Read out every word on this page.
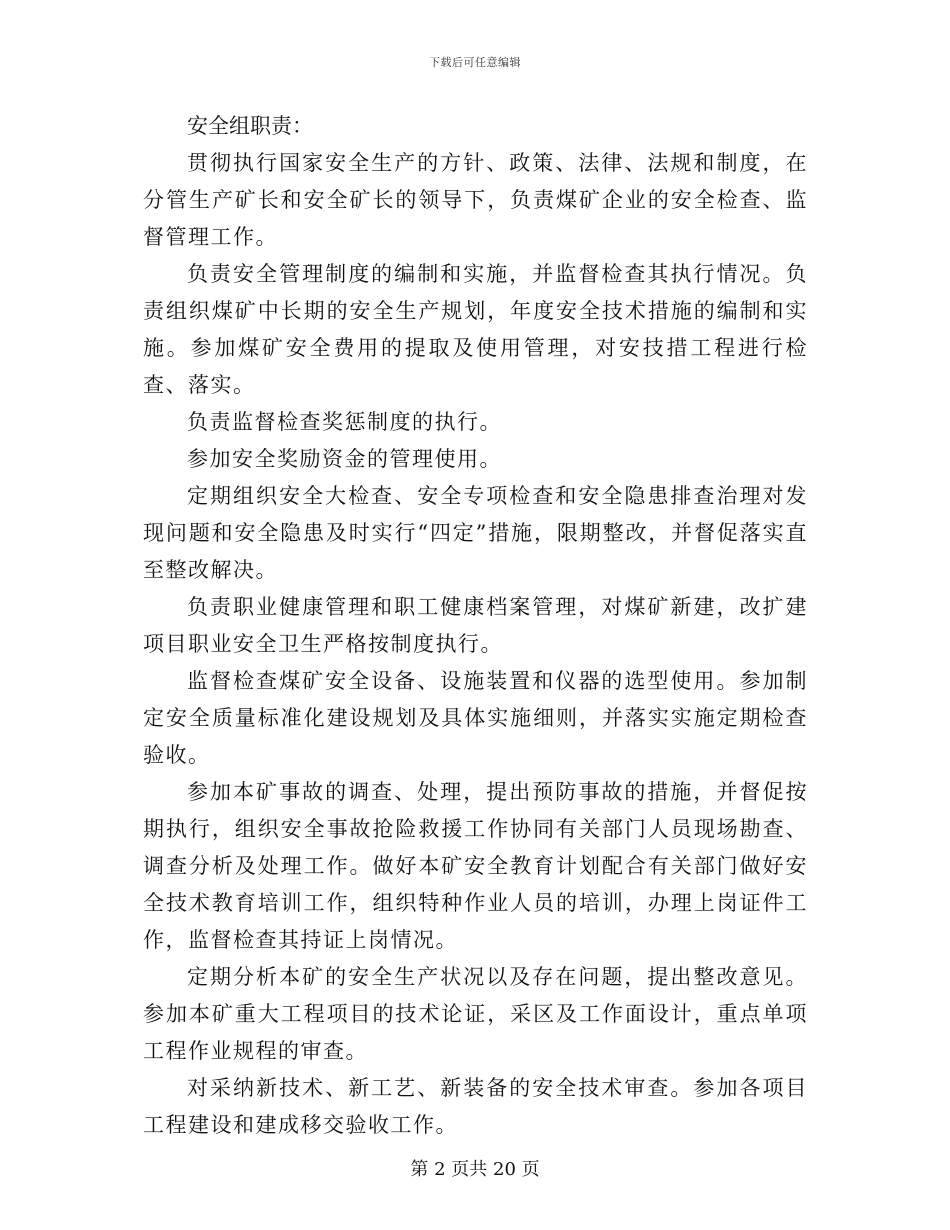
下载后可任意编辑

安全组职责：

贯彻执行国家安全生产的方针、政策、法律、法规和制度，在分管生产矿长和安全矿长的领导下，负责煤矿企业的安全检查、监督管理工作。

负责安全管理制度的编制和实施，并监督检查其执行情况。负责组织煤矿中长期的安全生产规划，年度安全技术措施的编制和实施。参加煤矿安全费用的提取及使用管理，对安技措工程进行检查、落实。

负责监督检查奖惩制度的执行。

参加安全奖励资金的管理使用。

定期组织安全大检查、安全专项检查和安全隐患排查治理对发现问题和安全隐患及时实行“四定”措施，限期整改，并督促落实直至整改解决。

负责职业健康管理和职工健康档案管理，对煤矿新建，改扩建项目职业安全卫生严格按制度执行。

监督检查煤矿安全设备、设施装置和仪器的选型使用。参加制定安全质量标准化建设规划及具体实施细则，并落实实施定期检查验收。

参加本矿事故的调查、处理，提出预防事故的措施，并督促按期执行，组织安全事故抢险救援工作协同有关部门人员现场勘查、调查分析及处理工作。做好本矿安全教育计划配合有关部门做好安全技术教育培训工作，组织特种作业人员的培训，办理上岗证件工作，监督检查其持证上岗情况。

定期分析本矿的安全生产状况以及存在问题，提出整改意见。参加本矿重大工程项目的技术论证，采区及工作面设计，重点单项工程作业规程的审查。

对采纳新技术、新工艺、新装备的安全技术审查。参加各项目工程建设和建成移交验收工作。

第 2 页共 20 页
